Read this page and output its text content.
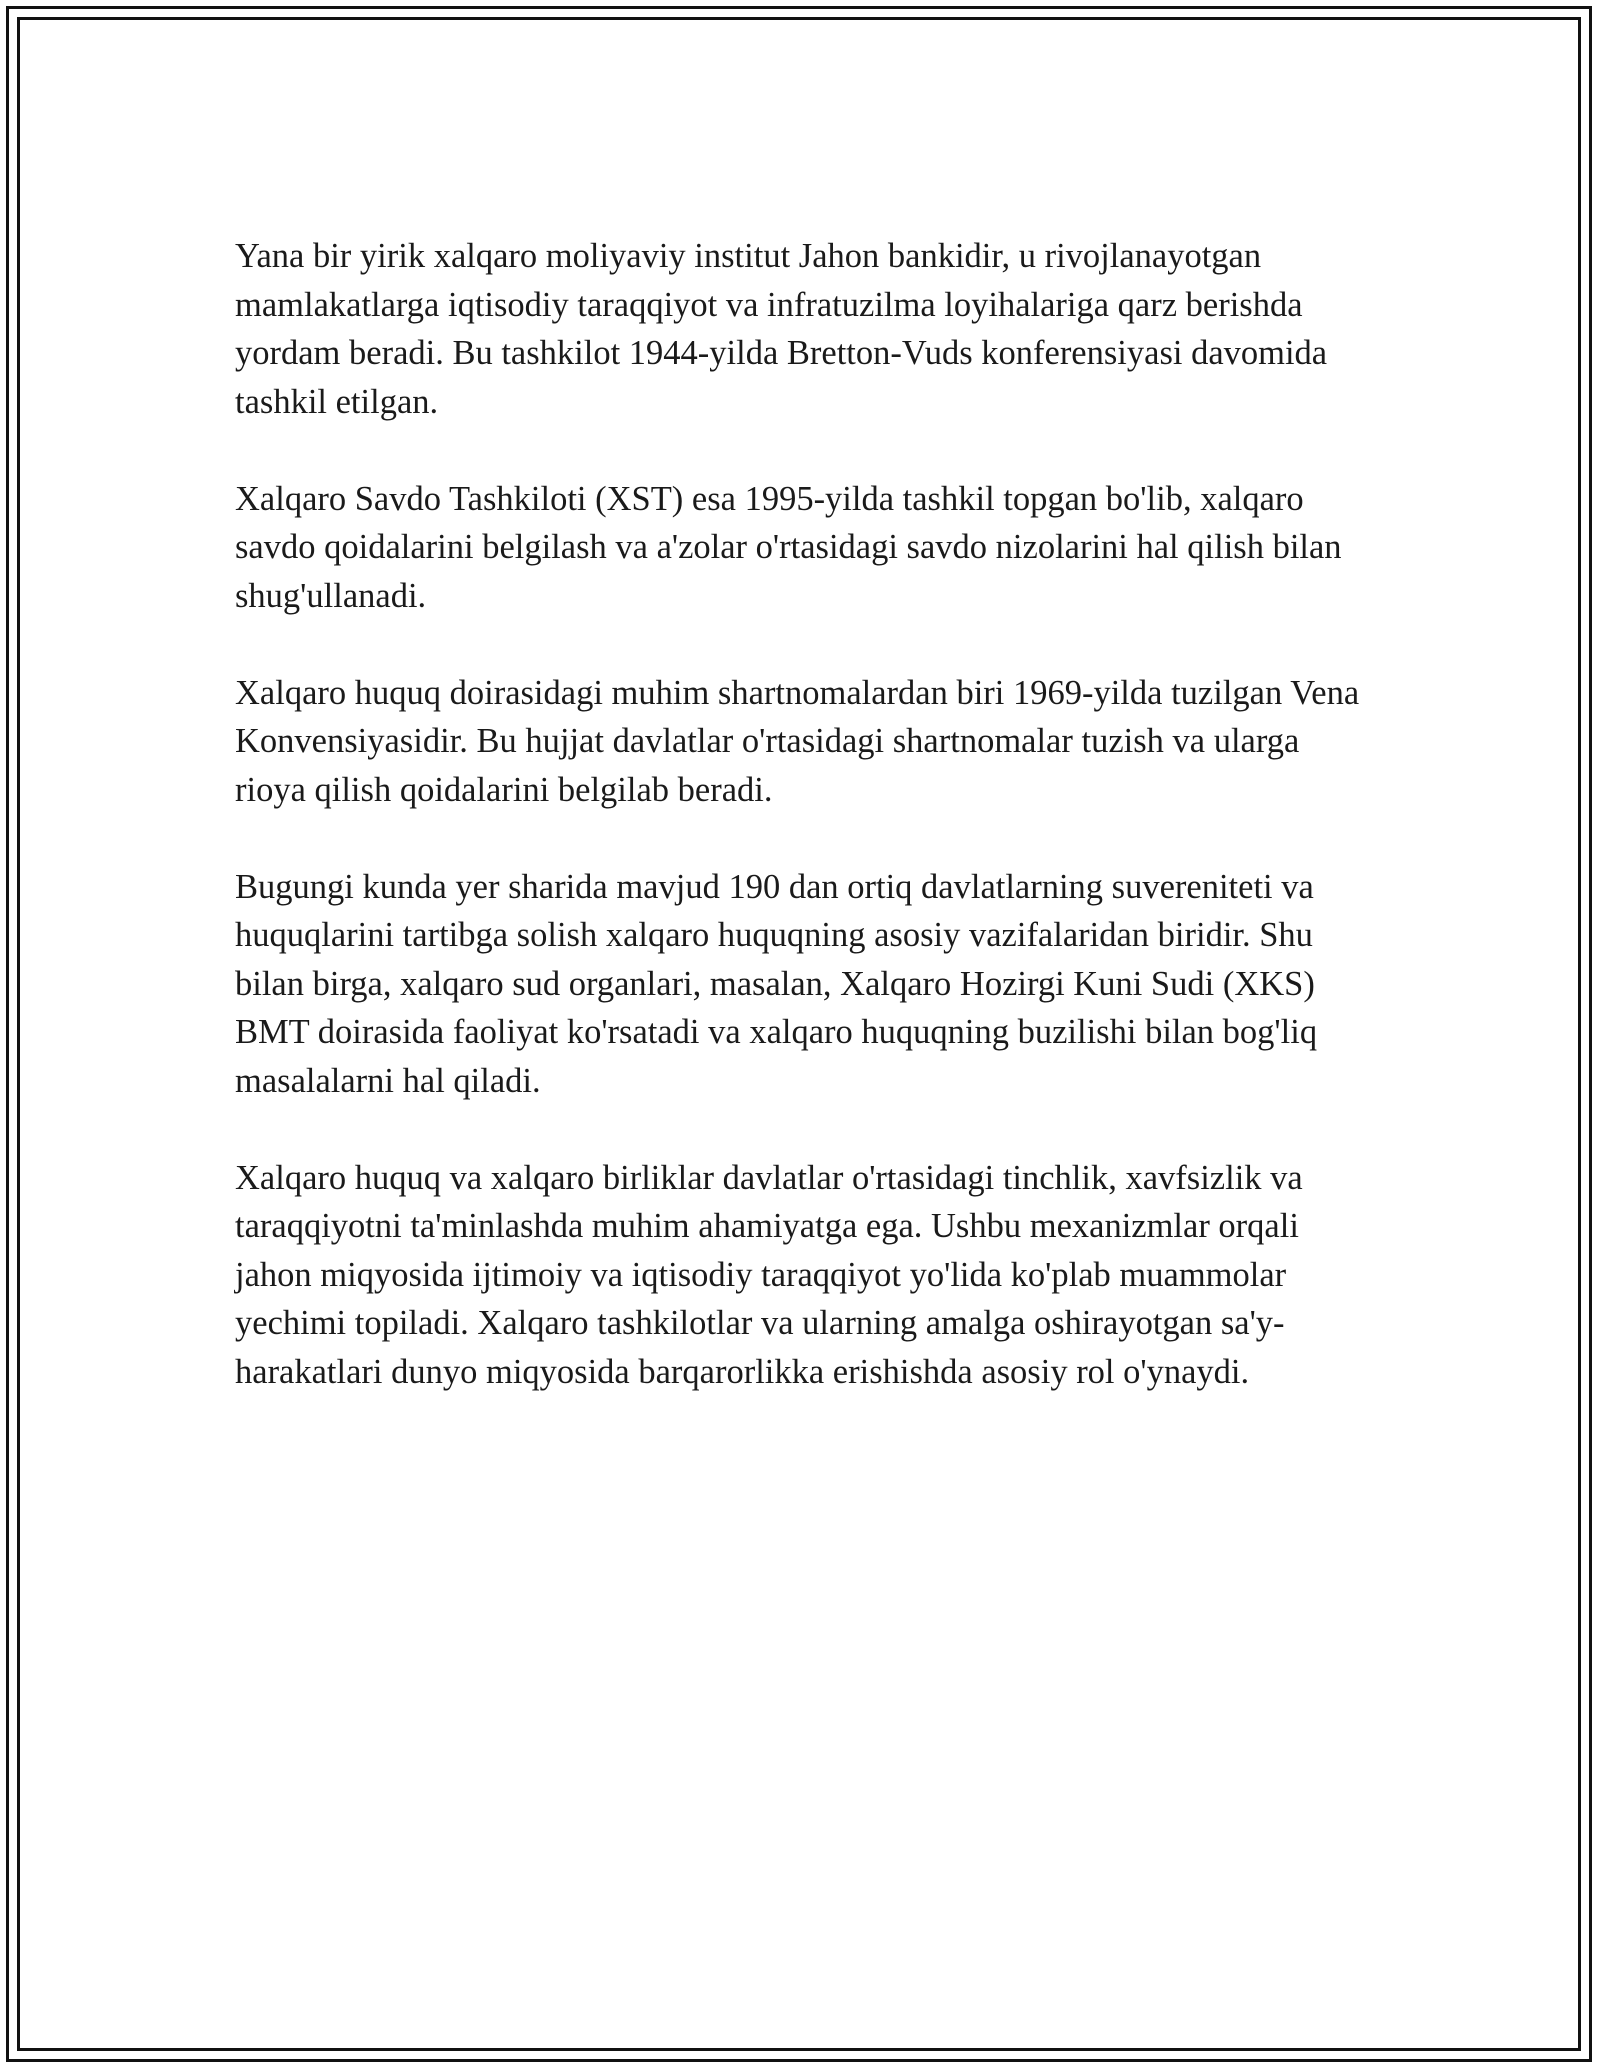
Yana bir yirik xalqaro moliyaviy institut Jahon bankidir, u rivojlanayotgan mamlakatlarga iqtisodiy taraqqiyot va infratuzilma loyihalariga qarz berishda yordam beradi. Bu tashkilot 1944-yilda Bretton-Vuds konferensiyasi davomida tashkil etilgan.

Xalqaro Savdo Tashkiloti (XST) esa 1995-yilda tashkil topgan bo'lib, xalqaro savdo qoidalarini belgilash va a'zolar o'rtasidagi savdo nizolarini hal qilish bilan shug'ullanadi.

Xalqaro huquq doirasidagi muhim shartnomalardan biri 1969-yilda tuzilgan Vena Konvensiyasidir. Bu hujjat davlatlar o'rtasidagi shartnomalar tuzish va ularga rioya qilish qoidalarini belgilab beradi.

Bugungi kunda yer sharida mavjud 190 dan ortiq davlatlarning suvereniteti va huquqlarini tartibga solish xalqaro huquqning asosiy vazifalaridan biridir. Shu bilan birga, xalqaro sud organlari, masalan, Xalqaro Hozirgi Kuni Sudi (XKS) BMT doirasida faoliyat ko'rsatadi va xalqaro huquqning buzilishi bilan bog'liq masalalarni hal qiladi.

Xalqaro huquq va xalqaro birliklar davlatlar o'rtasidagi tinchlik, xavfsizlik va taraqqiyotni ta'minlashda muhim ahamiyatga ega. Ushbu mexanizmlar orqali jahon miqyosida ijtimoiy va iqtisodiy taraqqiyot yo'lida ko'plab muammolar yechimi topiladi. Xalqaro tashkilotlar va ularning amalga oshirayotgan sa'y-harakatlari dunyo miqyosida barqarorlikka erishishda asosiy rol o'ynaydi.
